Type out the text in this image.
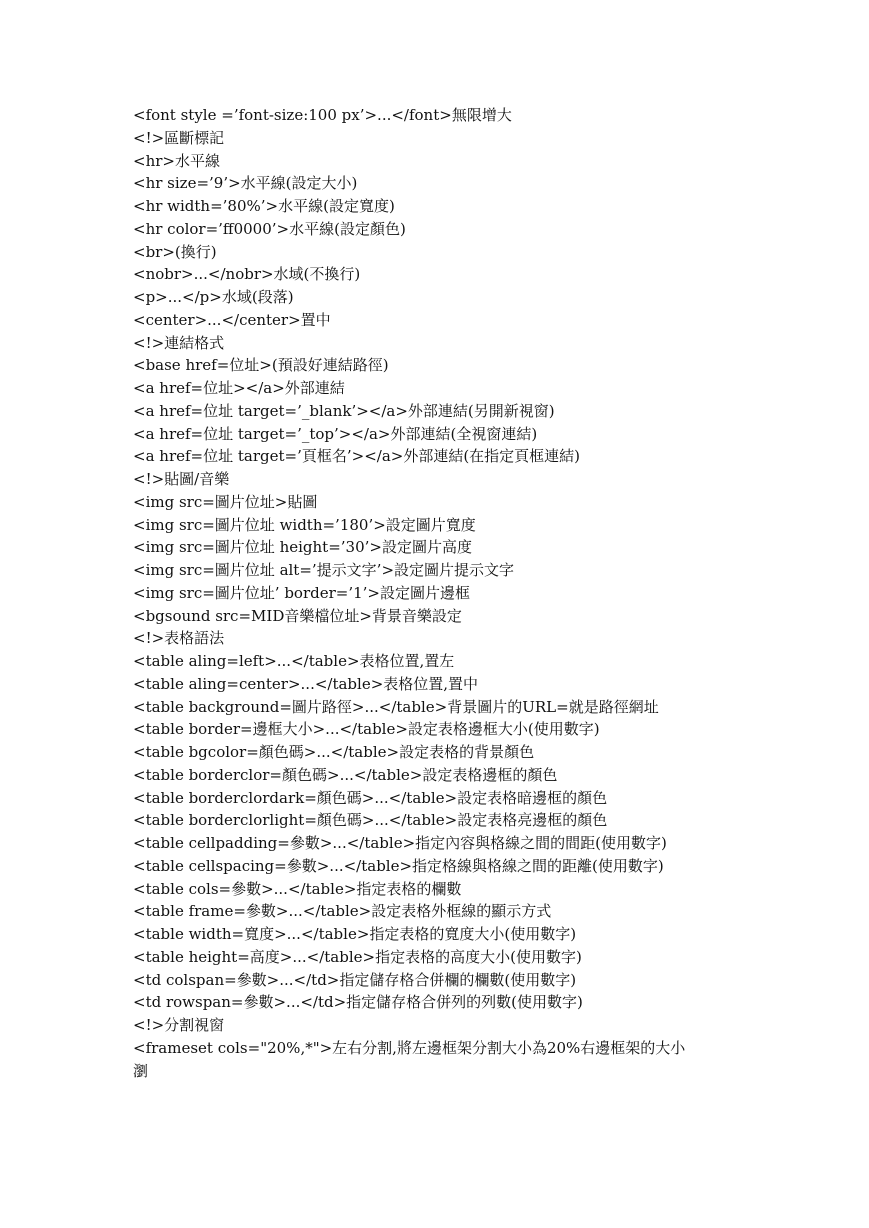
<font style =’font-size:100 px’>...</font>無限增大
<!>區斷標記
<hr>水平線
<hr size=’9’>水平線(設定大小)
<hr width=’80%’>水平線(設定寬度)
<hr color=’ff0000’>水平線(設定顏色)
<br>(換行)
<nobr>...</nobr>水域(不換行)
<p>...</p>水域(段落)
<center>...</center>置中
<!>連結格式
<base href=位址>(預設好連結路徑)
<a href=位址></a>外部連結
<a href=位址 target=’_blank’></a>外部連結(另開新視窗)
<a href=位址 target=’_top’></a>外部連結(全視窗連結)
<a href=位址 target=’頁框名’></a>外部連結(在指定頁框連結)
<!>貼圖/音樂
<img src=圖片位址>貼圖
<img src=圖片位址 width=’180’>設定圖片寬度
<img src=圖片位址 height=’30’>設定圖片高度
<img src=圖片位址 alt=’提示文字’>設定圖片提示文字
<img src=圖片位址’ border=’1’>設定圖片邊框
<bgsound src=MID音樂檔位址>背景音樂設定
<!>表格語法
<table aling=left>...</table>表格位置,置左
<table aling=center>...</table>表格位置,置中
<table background=圖片路徑>...</table>背景圖片的URL=就是路徑網址
<table border=邊框大小>...</table>設定表格邊框大小(使用數字)
<table bgcolor=顏色碼>...</table>設定表格的背景顏色
<table borderclor=顏色碼>...</table>設定表格邊框的顏色
<table borderclordark=顏色碼>...</table>設定表格暗邊框的顏色
<table borderclorlight=顏色碼>...</table>設定表格亮邊框的顏色
<table cellpadding=參數>...</table>指定內容與格線之間的間距(使用數字)
<table cellspacing=參數>...</table>指定格線與格線之間的距離(使用數字)
<table cols=參數>...</table>指定表格的欄數
<table frame=參數>...</table>設定表格外框線的顯示方式
<table width=寬度>...</table>指定表格的寬度大小(使用數字)
<table height=高度>...</table>指定表格的高度大小(使用數字)
<td colspan=參數>...</td>指定儲存格合併欄的欄數(使用數字)
<td rowspan=參數>...</td>指定儲存格合併列的列數(使用數字)
<!>分割視窗
<frameset cols="20%,*">左右分割,將左邊框架分割大小為20%右邊框架的大小
瀏
